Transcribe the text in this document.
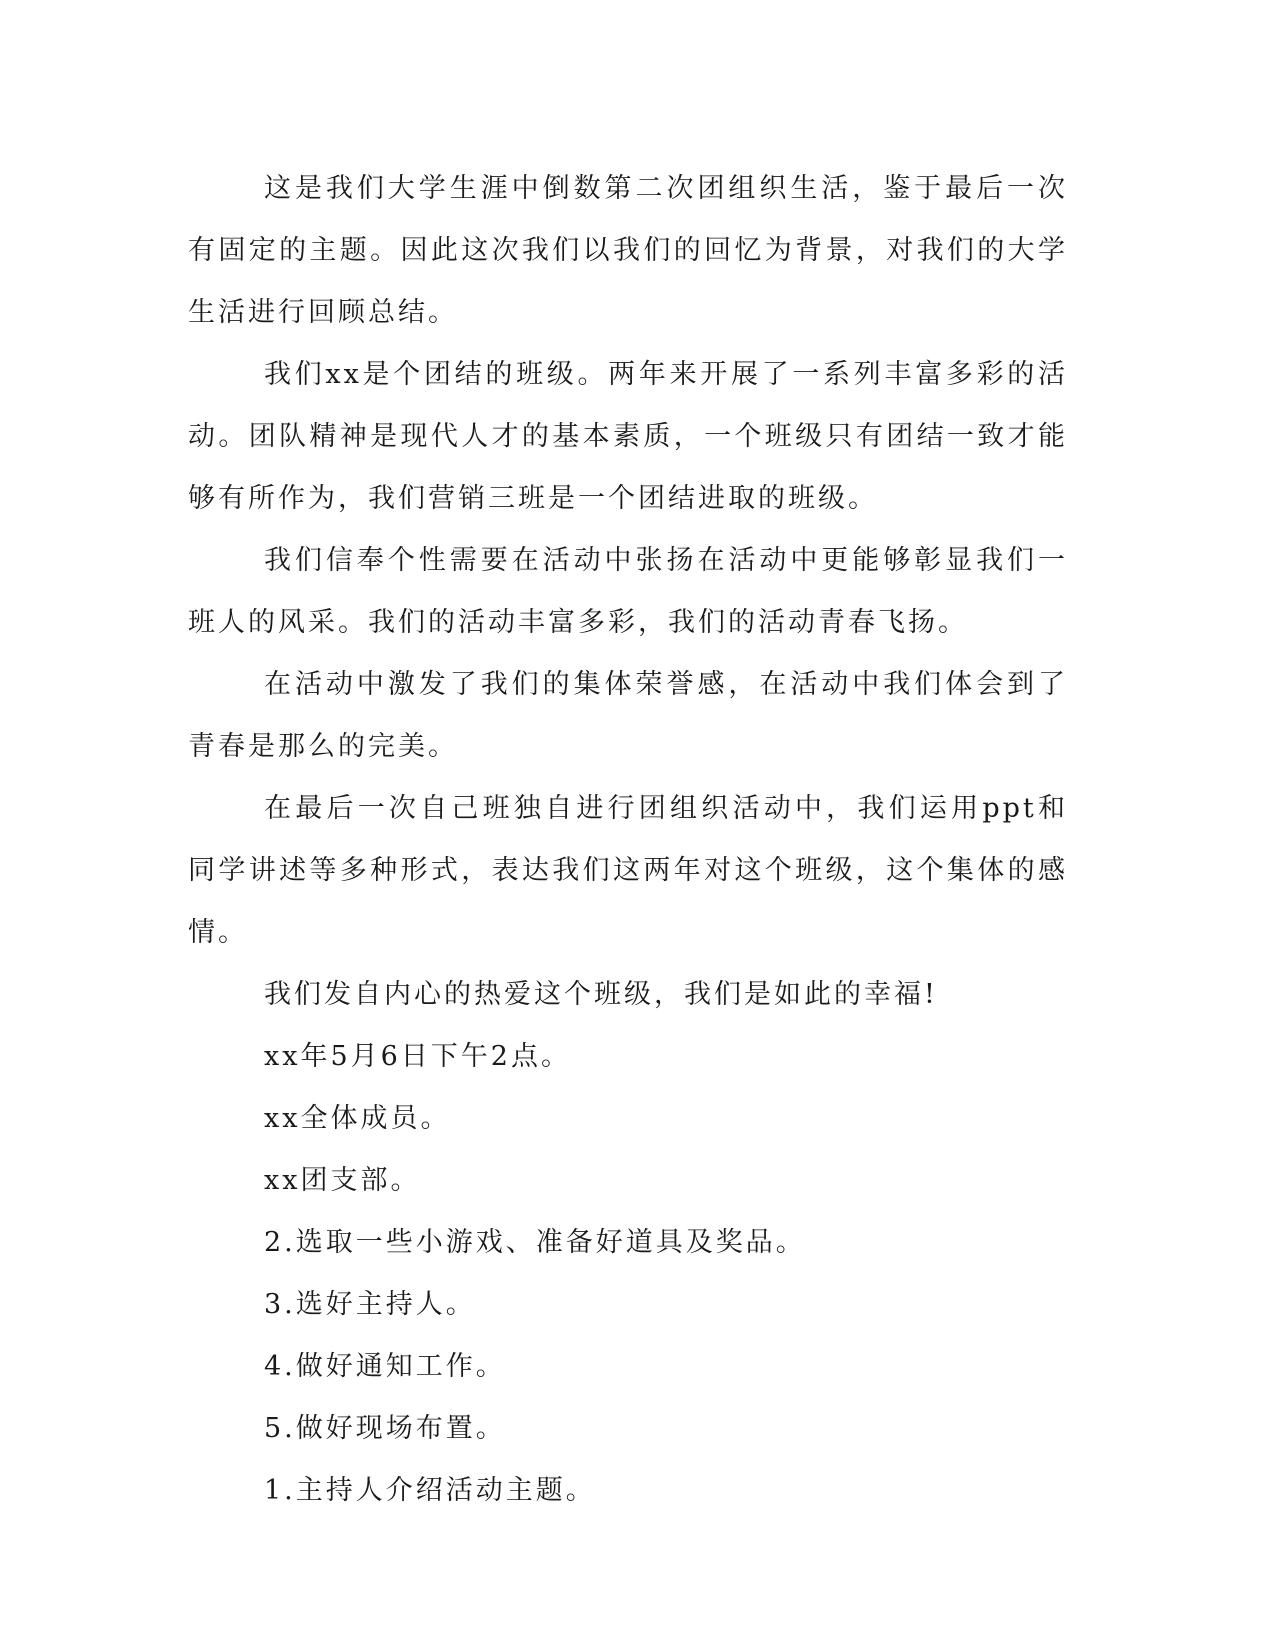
这是我们大学生涯中倒数第二次团组织生活，鉴于最后一次有固定的主题。因此这次我们以我们的回忆为背景，对我们的大学生活进行回顾总结。

我们xx是个团结的班级。两年来开展了一系列丰富多彩的活动。团队精神是现代人才的基本素质，一个班级只有团结一致才能够有所作为，我们营销三班是一个团结进取的班级。

我们信奉个性需要在活动中张扬在活动中更能够彰显我们一班人的风采。我们的活动丰富多彩，我们的活动青春飞扬。

在活动中激发了我们的集体荣誉感，在活动中我们体会到了青春是那么的完美。

在最后一次自己班独自进行团组织活动中，我们运用ppt和同学讲述等多种形式，表达我们这两年对这个班级，这个集体的感情。

我们发自内心的热爱这个班级，我们是如此的幸福!

xx年5月6日下午2点。

xx全体成员。

xx团支部。

2.选取一些小游戏、准备好道具及奖品。

3.选好主持人。

4.做好通知工作。

5.做好现场布置。

1.主持人介绍活动主题。
